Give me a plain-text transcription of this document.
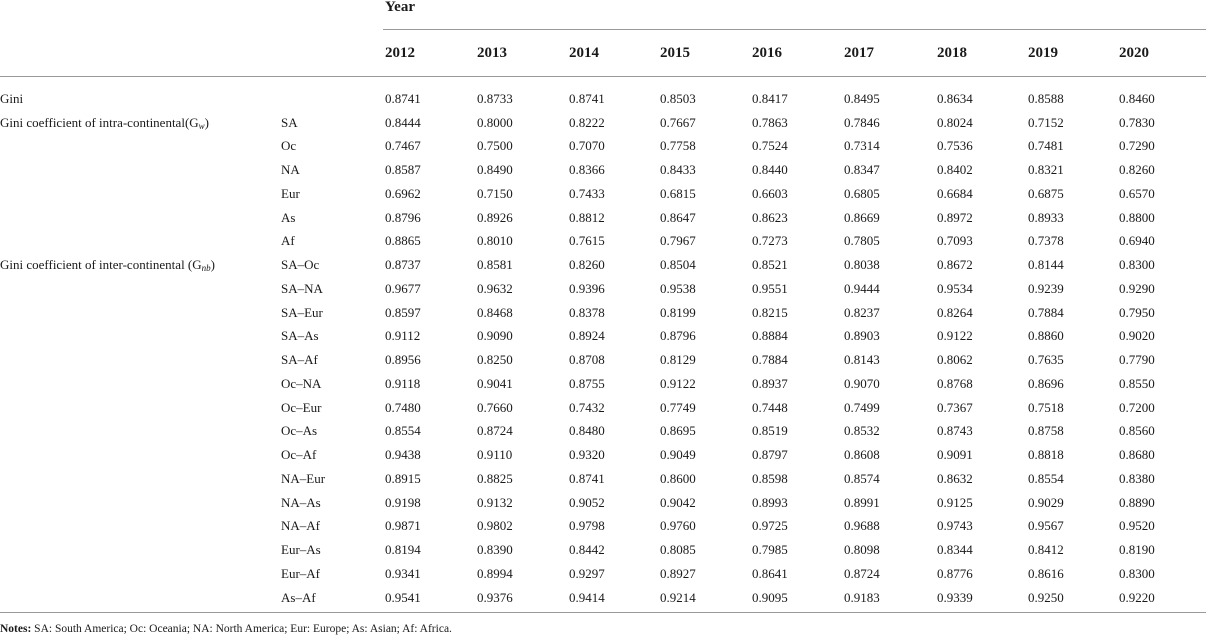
		Year								
		2012	2013	2014	2015	2016	2017	2018	2019	2020
Gini		0.8741	0.8733	0.8741	0.8503	0.8417	0.8495	0.8634	0.8588	0.8460
Gini coefficient of intra-$continental(G_w)$	SA	0.8444	0.8000	0.8222	0.7667	0.7863	0.7846	0.8024	0.7152	0.7830
	Oc	0.7467	0.7500	0.7070	0.7758	0.7524	0.7314	0.7536	0.7481	0.7290
	NA	0.8587	0.8490	0.8366	0.8433	0.8440	0.8347	0.8402	0.8321	0.8260
	Eur	0.6962	0.7150	0.7433	0.6815	0.6603	0.6805	0.6684	0.6875	0.6570
	As	0.8796	0.8926	0.8812	0.8647	0.8623	0.8669	0.8972	0.8933	0.8800
	Af	0.8865	0.8010	0.7615	0.7967	0.7273	0.7805	0.7093	0.7378	0.6940
Gini coefficient of inter-continental $(G_{nb})$	SA–Oc	0.8737	0.8581	0.8260	0.8504	0.8521	0.8038	0.8672	0.8144	0.8300
	SA–NA	0.9677	0.9632	0.9396	0.9538	0.9551	0.9444	0.9534	0.9239	0.9290
	SA–Eur	0.8597	0.8468	0.8378	0.8199	0.8215	0.8237	0.8264	0.7884	0.7950
	SA–As	0.9112	0.9090	0.8924	0.8796	0.8884	0.8903	0.9122	0.8860	0.9020
	SA–Af	0.8956	0.8250	0.8708	0.8129	0.7884	0.8143	0.8062	0.7635	0.7790
	Oc–NA	0.9118	0.9041	0.8755	0.9122	0.8937	0.9070	0.8768	0.8696	0.8550
	Oc–Eur	0.7480	0.7660	0.7432	0.7749	0.7448	0.7499	0.7367	0.7518	0.7200
	Oc–As	0.8554	0.8724	0.8480	0.8695	0.8519	0.8532	0.8743	0.8758	0.8560
	Oc–Af	0.9438	0.9110	0.9320	0.9049	0.8797	0.8608	0.9091	0.8818	0.8680
	NA–Eur	0.8915	0.8825	0.8741	0.8600	0.8598	0.8574	0.8632	0.8554	0.8380
	NA–As	0.9198	0.9132	0.9052	0.9042	0.8993	0.8991	0.9125	0.9029	0.8890
	NA–Af	0.9871	0.9802	0.9798	0.9760	0.9725	0.9688	0.9743	0.9567	0.9520
	Eur–As	0.8194	0.8390	0.8442	0.8085	0.7985	0.8098	0.8344	0.8412	0.8190
	Eur–Af	0.9341	0.8994	0.9297	0.8927	0.8641	0.8724	0.8776	0.8616	0.8300
	As–Af	0.9541	0.9376	0.9414	0.9214	0.9095	0.9183	0.9339	0.9250	0.9220
Notes: SA: South America; Oc: Oceania; NA: North America; Eur: Europe; As: Asian; Af: Africa.
